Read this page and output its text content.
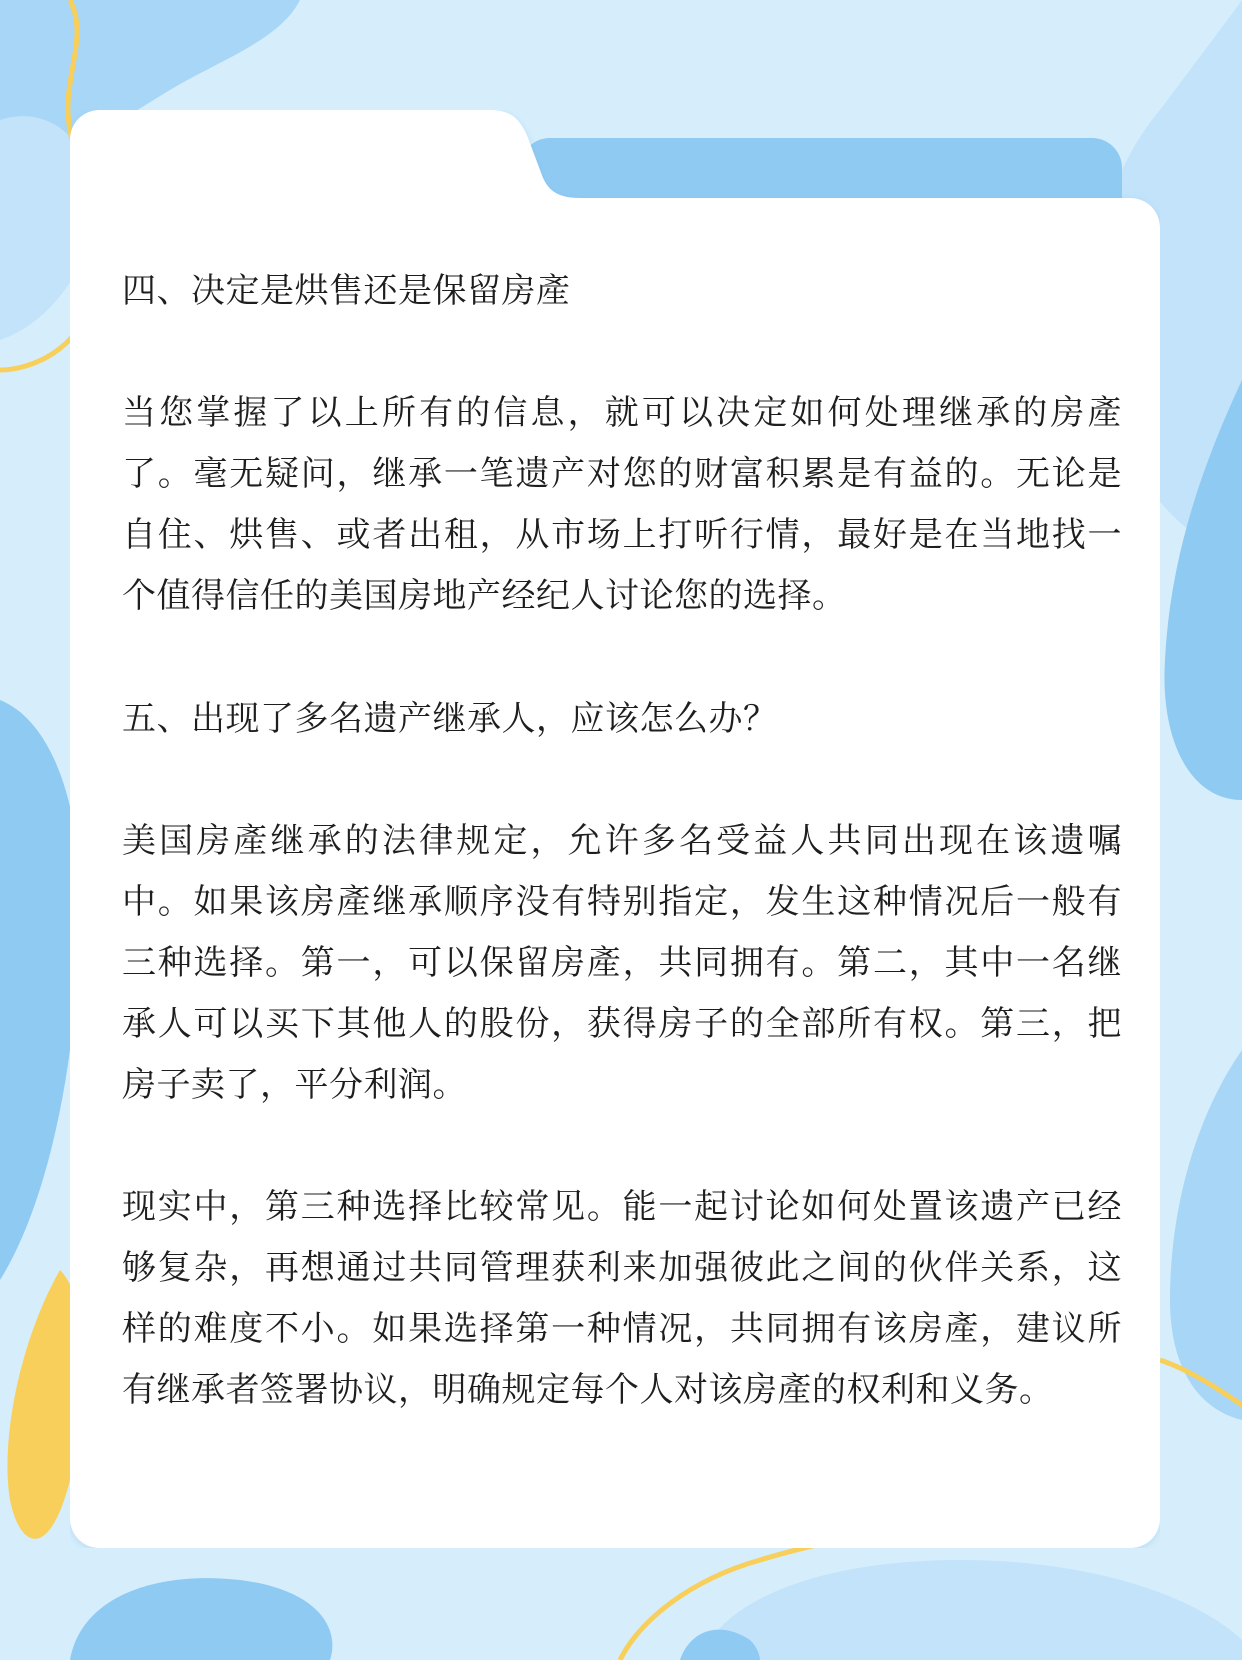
四、决定是烘售还是保留房產

当您掌握了以上所有的信息，就可以决定如何处理继承的房產了。毫无疑问，继承一笔遗产对您的财富积累是有益的。无论是自住、烘售、或者出租，从市场上打听行情，最好是在当地找一个值得信任的美国房地产经纪人讨论您的选择。

五、出现了多名遗产继承人，应该怎么办？

美国房產继承的法律规定，允许多名受益人共同出现在该遗嘱中。如果该房產继承顺序没有特别指定，发生这种情况后一般有三种选择。第一，可以保留房產，共同拥有。第二，其中一名继承人可以买下其他人的股份，获得房子的全部所有权。第三，把房子卖了，平分利润。

现实中，第三种选择比较常见。能一起讨论如何处置该遗产已经够复杂，再想通过共同管理获利来加强彼此之间的伙伴关系，这样的难度不小。如果选择第一种情况，共同拥有该房產，建议所有继承者签署协议，明确规定每个人对该房產的权利和义务。
